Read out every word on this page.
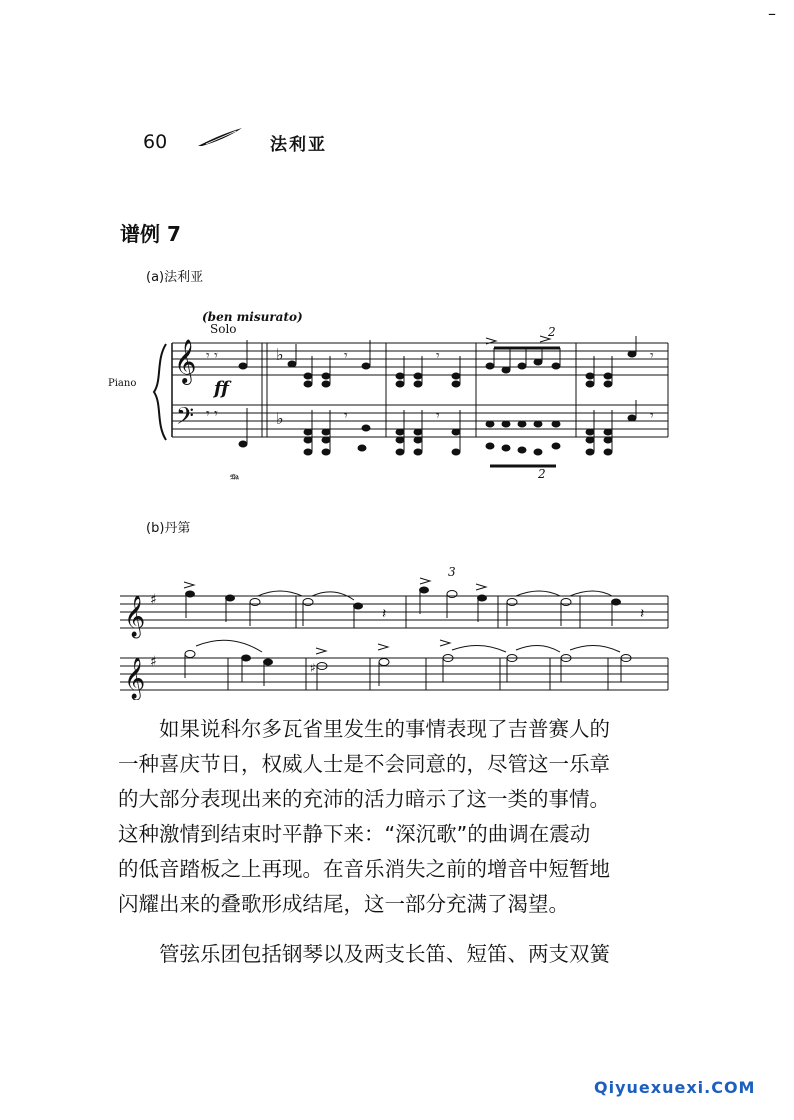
–
60	法利亚
谱例 7
(a)法利亚
(ben misurato)
Solo
Piano	ff
𝆮
𝄞
𝄢
♭
♭
𝄾 𝄾
𝄾 𝄾
𝄾
𝄾
𝄾
𝄾
𝄾
𝄾
2
2
(b)丹第
𝄞
𝄞
♯
♯
𝄽	𝄽
3
♯
　　如果说科尔多瓦省里发生的事情表现了吉普赛人的
一种喜庆节日，权威人士是不会同意的，尽管这一乐章
的大部分表现出来的充沛的活力暗示了这一类的事情。
这种激情到结束时平静下来：“深沉歌”的曲调在震动
的低音踏板之上再现。在音乐消失之前的增音中短暂地
闪耀出来的叠歌形成结尾，这一部分充满了渴望。
　　管弦乐团包括钢琴以及两支长笛、短笛、两支双簧
Qiyuexuexi.COM
